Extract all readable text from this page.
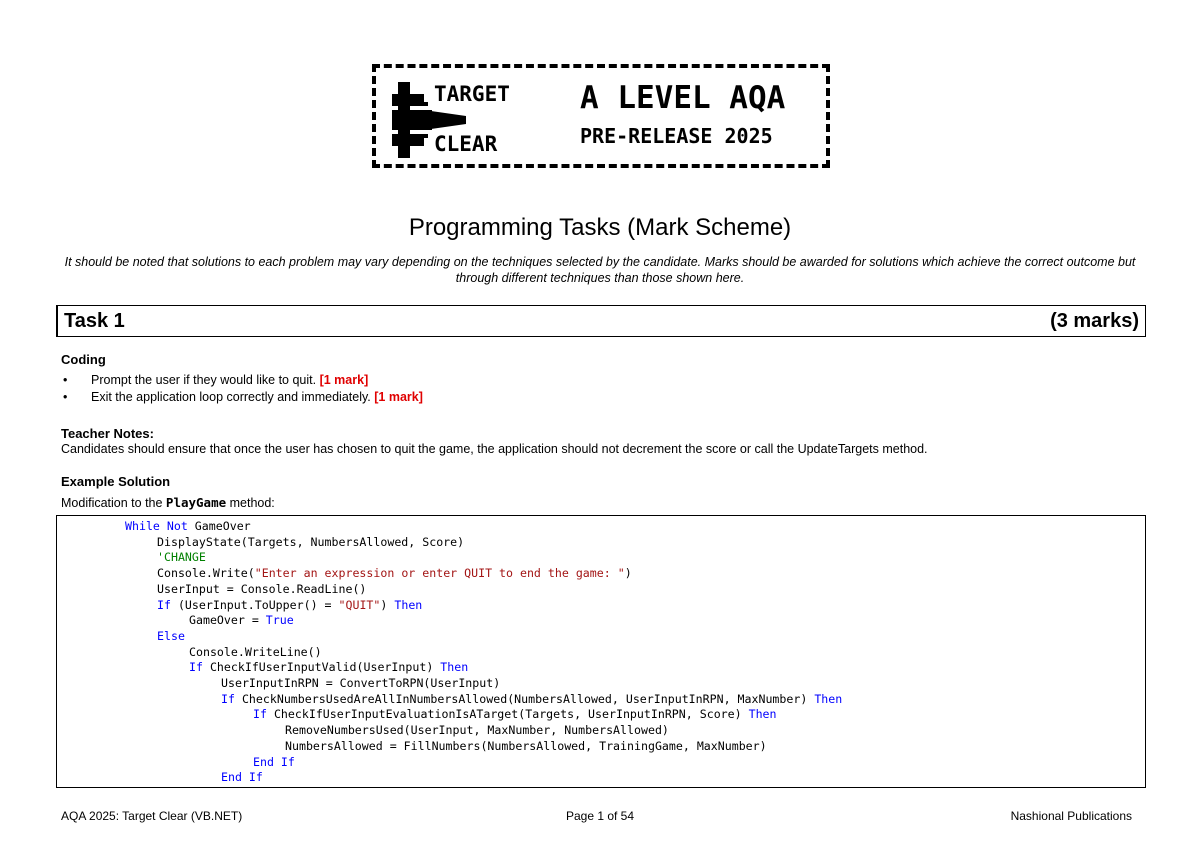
TARGET
CLEAR
A LEVEL AQA
PRE-RELEASE 2025
Programming Tasks (Mark Scheme)
It should be noted that solutions to each problem may vary depending on the techniques selected by the candidate. Marks should be awarded for solutions which achieve the correct outcome but through different techniques than those shown here.
Task 1	(3 marks)
Coding
• Prompt the user if they would like to quit. [1 mark]
• Exit the application loop correctly and immediately. [1 mark]
Teacher Notes:
Candidates should ensure that once the user has chosen to quit the game, the application should not decrement the score or call the UpdateTargets method.
Example Solution
Modification to the PlayGame method:
While Not GameOver
DisplayState(Targets, NumbersAllowed, Score)
'CHANGE
Console.Write("Enter an expression or enter QUIT to end the game: ")
UserInput = Console.ReadLine()
If (UserInput.ToUpper() = "QUIT") Then
GameOver = True
Else
Console.WriteLine()
If CheckIfUserInputValid(UserInput) Then
UserInputInRPN = ConvertToRPN(UserInput)
If CheckNumbersUsedAreAllInNumbersAllowed(NumbersAllowed, UserInputInRPN, MaxNumber) Then
If CheckIfUserInputEvaluationIsATarget(Targets, UserInputInRPN, Score) Then
RemoveNumbersUsed(UserInput, MaxNumber, NumbersAllowed)
NumbersAllowed = FillNumbers(NumbersAllowed, TrainingGame, MaxNumber)
End If
End If
AQA 2025: Target Clear (VB.NET)	Page 1 of 54	Nashional Publications
